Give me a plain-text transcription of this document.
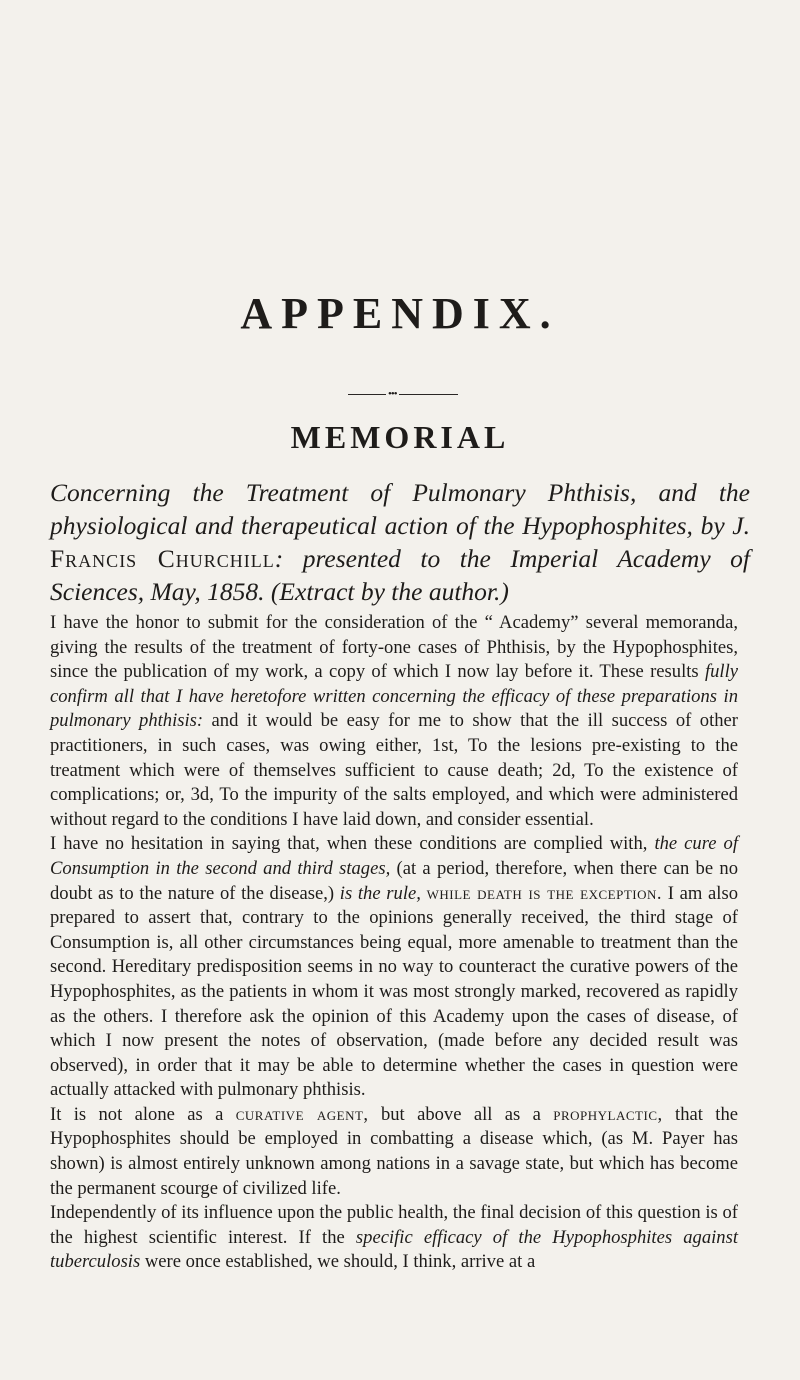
APPENDIX.
•••
MEMORIAL
Concerning the Treatment of Pulmonary Phthisis, and the physiological and therapeutical action of the Hypophosphites, by J. Francis Churchill: presented to the Imperial Academy of Sciences, May, 1858. (Extract by the author.)

I have the honor to submit for the consideration of the “ Academy” several memoranda, giving the results of the treatment of forty-one cases of Phthisis, by the Hypophosphites, since the publication of my work, a copy of which I now lay before it. These results fully confirm all that I have heretofore written concerning the efficacy of these preparations in pulmonary phthisis: and it would be easy for me to show that the ill success of other practitioners, in such cases, was owing either, 1st, To the lesions pre-existing to the treatment which were of themselves sufficient to cause death; 2d, To the existence of complications; or, 3d, To the impurity of the salts employed, and which were administered without regard to the conditions I have laid down, and consider essential.

I have no hesitation in saying that, when these conditions are complied with, the cure of Consumption in the second and third stages, (at a period, therefore, when there can be no doubt as to the nature of the disease,) is the rule, while death is the exception. I am also prepared to assert that, contrary to the opinions generally received, the third stage of Consumption is, all other circumstances being equal, more amenable to treatment than the second. Hereditary predisposition seems in no way to counteract the curative powers of the Hypophosphites, as the patients in whom it was most strongly marked, recovered as rapidly as the others. I therefore ask the opinion of this Academy upon the cases of disease, of which I now present the notes of observation, (made before any decided result was observed), in order that it may be able to determine whether the cases in question were actually attacked with pulmonary phthisis.

It is not alone as a curative agent, but above all as a prophylactic, that the Hypophosphites should be employed in combatting a disease which, (as M. Payer has shown) is almost entirely unknown among nations in a savage state, but which has become the permanent scourge of civilized life.

Independently of its influence upon the public health, the final decision of this question is of the highest scientific interest. If the specific efficacy of the Hypophosphites against tuberculosis were once established, we should, I think, arrive at a
